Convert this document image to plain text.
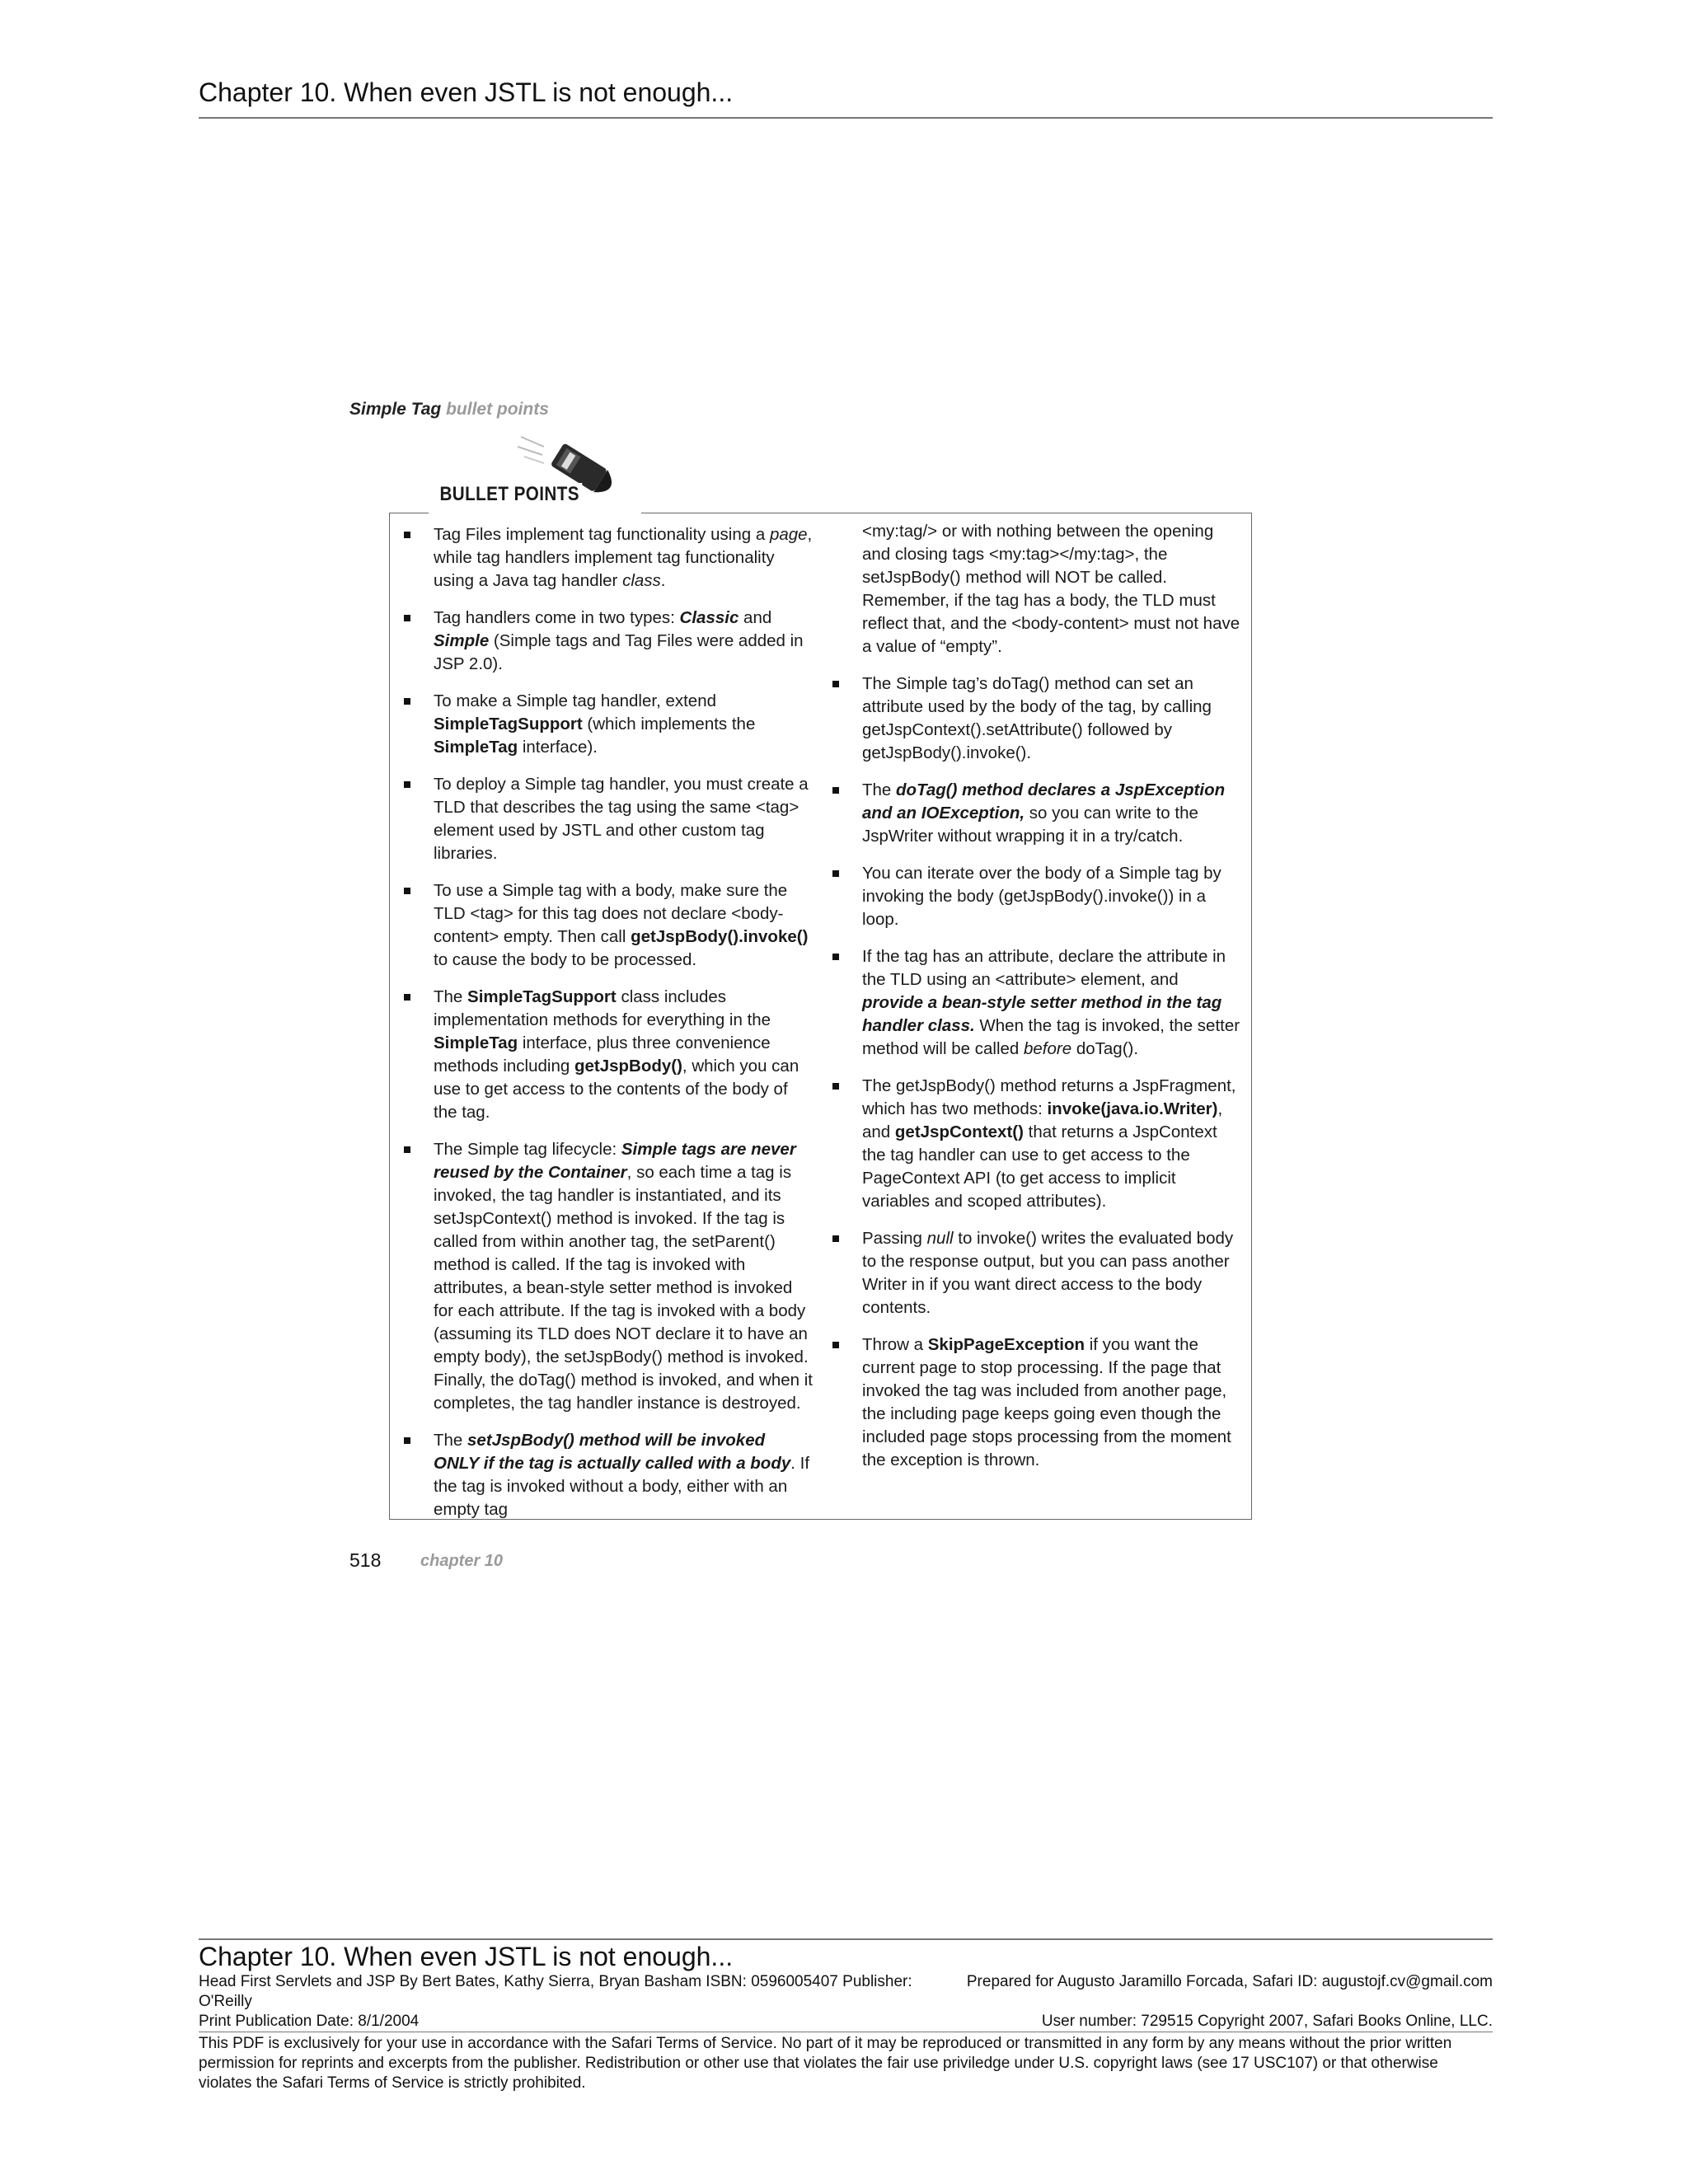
Chapter 10. When even JSTL is not enough...
Simple Tag bullet points
Tag Files implement tag functionality using a page, while tag handlers implement tag functionality using a Java tag handler class.
Tag handlers come in two types: Classic and Simple (Simple tags and Tag Files were added in JSP 2.0).
To make a Simple tag handler, extend SimpleTagSupport (which implements the SimpleTag interface).
To deploy a Simple tag handler, you must create a TLD that describes the tag using the same <tag> element used by JSTL and other custom tag libraries.
To use a Simple tag with a body, make sure the TLD <tag> for this tag does not declare <body-content> empty. Then call getJspBody().invoke() to cause the body to be processed.
The SimpleTagSupport class includes implementation methods for everything in the SimpleTag interface, plus three convenience methods including getJspBody(), which you can use to get access to the contents of the body of the tag.
The Simple tag lifecycle: Simple tags are never reused by the Container, so each time a tag is invoked, the tag handler is instantiated, and its setJspContext() method is invoked. If the tag is called from within another tag, the setParent() method is called. If the tag is invoked with attributes, a bean-style setter method is invoked for each attribute. If the tag is invoked with a body (assuming its TLD does NOT declare it to have an empty body), the setJspBody() method is invoked. Finally, the doTag() method is invoked, and when it completes, the tag handler instance is destroyed.
The setJspBody() method will be invoked ONLY if the tag is actually called with a body. If the tag is invoked without a body, either with an empty tag
<my:tag/> or with nothing between the opening and closing tags <my:tag></my:tag>, the setJspBody() method will NOT be called. Remember, if the tag has a body, the TLD must reflect that, and the <body-content> must not have a value of “empty”.
The Simple tag’s doTag() method can set an attribute used by the body of the tag, by calling getJspContext().setAttribute() followed by getJspBody().invoke().
The doTag() method declares a JspException and an IOException, so you can write to the JspWriter without wrapping it in a try/catch.
You can iterate over the body of a Simple tag by invoking the body (getJspBody().invoke()) in a loop.
If the tag has an attribute, declare the attribute in the TLD using an <attribute> element, and provide a bean-style setter method in the tag handler class. When the tag is invoked, the setter method will be called before doTag().
The getJspBody() method returns a JspFragment, which has two methods: invoke(java.io.Writer), and getJspContext() that returns a JspContext the tag handler can use to get access to the PageContext API (to get access to implicit variables and scoped attributes).
Passing null to invoke() writes the evaluated body to the response output, but you can pass another Writer in if you want direct access to the body contents.
Throw a SkipPageException if you want the current page to stop processing. If the page that invoked the tag was included from another page, the including page keeps going even though the included page stops processing from the moment the exception is thrown.
BULLET POINTS
518 chapter 10
Chapter 10. When even JSTL is not enough...
Head First Servlets and JSP By Bert Bates, Kathy Sierra, Bryan Basham ISBN: 0596005407 Publisher:	Prepared for Augusto Jaramillo Forcada, Safari ID: augustojf.cv@gmail.com
O'Reilly
Print Publication Date: 8/1/2004	User number: 729515 Copyright 2007, Safari Books Online, LLC.
This PDF is exclusively for your use in accordance with the Safari Terms of Service. No part of it may be reproduced or transmitted in any form by any means without the prior written permission for reprints and excerpts from the publisher. Redistribution or other use that violates the fair use priviledge under U.S. copyright laws (see 17 USC107) or that otherwise violates the Safari Terms of Service is strictly prohibited.
